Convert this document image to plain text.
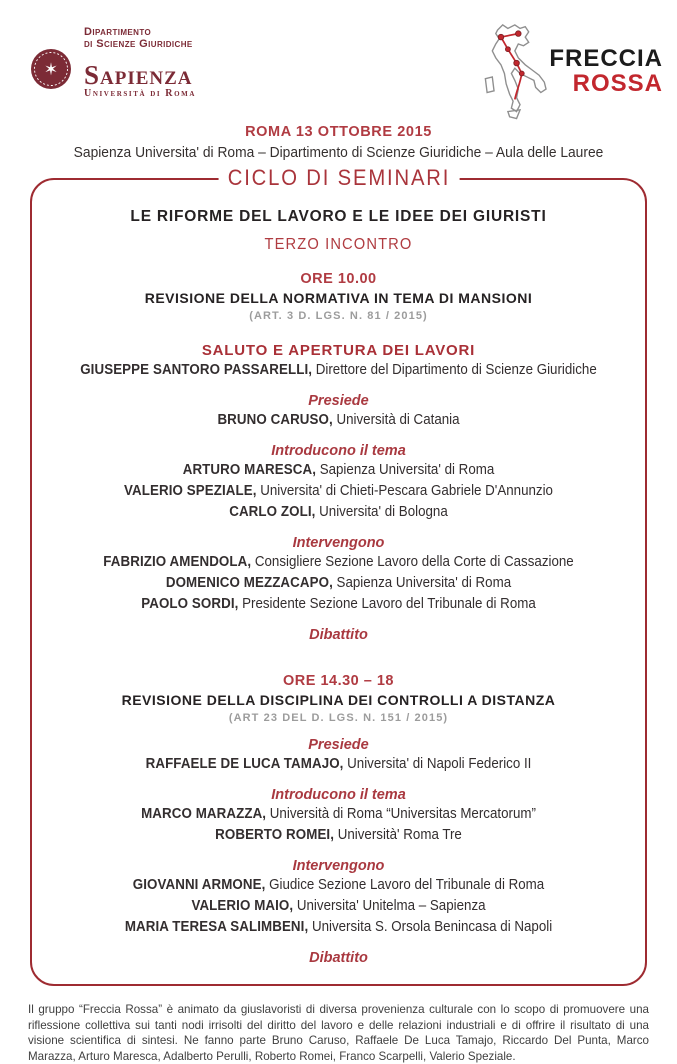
✶
Dipartimento
di Scienze Giuridiche
Sapienza
Università di Roma
FRECCIA
ROSSA
ROMA 13 OTTOBRE 2015
Sapienza Universita' di Roma – Dipartimento di Scienze Giuridiche – Aula delle Lauree
CICLO DI SEMINARI
LE RIFORME DEL LAVORO E LE IDEE DEI GIURISTI
TERZO INCONTRO
ORE 10.00
REVISIONE DELLA NORMATIVA IN TEMA DI MANSIONI
(ART. 3 D. LGS. N. 81 / 2015)
SALUTO E APERTURA DEI LAVORI
GIUSEPPE SANTORO PASSARELLI, Direttore del Dipartimento di Scienze Giuridiche
Presiede
BRUNO CARUSO, Università di Catania
Introducono il tema
ARTURO MARESCA, Sapienza Universita' di Roma
VALERIO SPEZIALE, Universita' di Chieti-Pescara Gabriele D'Annunzio
CARLO ZOLI, Universita' di Bologna
Intervengono
FABRIZIO AMENDOLA, Consigliere Sezione Lavoro della Corte di Cassazione
DOMENICO MEZZACAPO, Sapienza Universita' di Roma
PAOLO SORDI, Presidente Sezione Lavoro del Tribunale di Roma
Dibattito
ORE 14.30 – 18
REVISIONE DELLA DISCIPLINA DEI CONTROLLI A DISTANZA
(ART 23 DEL D. LGS. N. 151 / 2015)
Presiede
RAFFAELE DE LUCA TAMAJO, Universita' di Napoli Federico II
Introducono il tema
MARCO MARAZZA, Università di Roma “Universitas Mercatorum”
ROBERTO ROMEI, Università' Roma Tre
Intervengono
GIOVANNI ARMONE, Giudice Sezione Lavoro del Tribunale di Roma
VALERIO MAIO, Universita' Unitelma – Sapienza
MARIA TERESA SALIMBENI, Universita S. Orsola Benincasa di Napoli
Dibattito
Il gruppo “Freccia Rossa” è animato da giuslavoristi di diversa provenienza culturale con lo scopo di promuovere una riflessione collettiva sui tanti nodi irrisolti del diritto del lavoro e delle relazioni industriali e di offrire il risultato di una visione scientifica di sintesi. Ne fanno parte Bruno Caruso, Raffaele De Luca Tamajo, Riccardo Del Punta, Marco Marazza, Arturo Maresca, Adalberto Perulli, Roberto Romei, Franco Scarpelli, Valerio Speziale.
